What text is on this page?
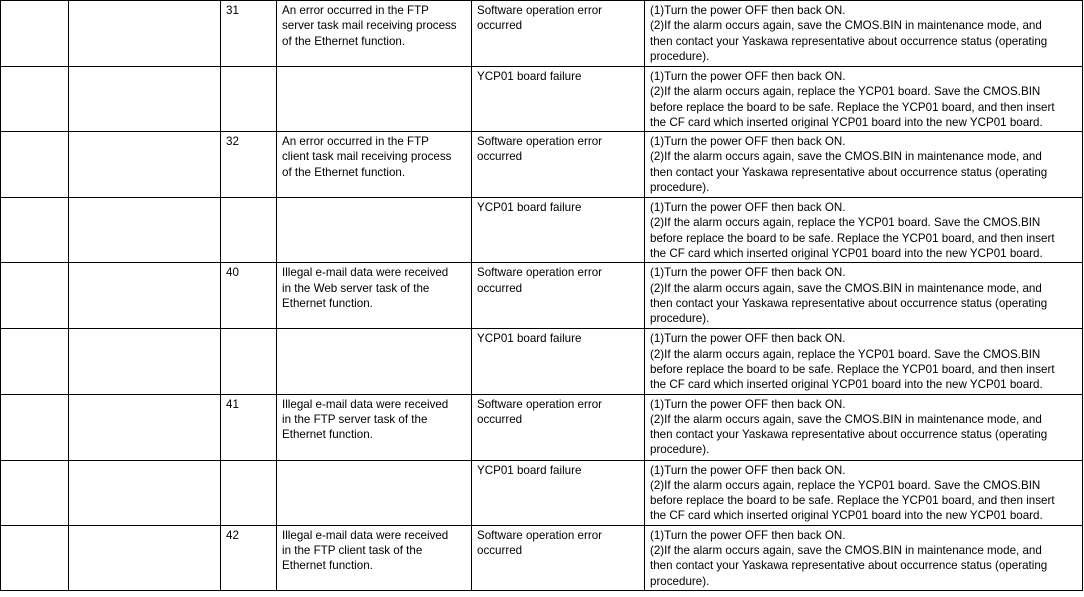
		31	An error occurred in the FTP
server task mail receiving process
of the Ethernet function.	Software operation error
occurred	(1)Turn the power OFF then back ON.
(2)If the alarm occurs again, save the CMOS.BIN in maintenance mode, and
then contact your Yaskawa representative about occurrence status (operating
procedure).

				YCP01 board failure	(1)Turn the power OFF then back ON.
(2)If the alarm occurs again, replace the YCP01 board. Save the CMOS.BIN
before replace the board to be safe. Replace the YCP01 board, and then insert
the CF card which inserted original YCP01 board into the new YCP01 board.

		32	An error occurred in the FTP
client task mail receiving process
of the Ethernet function.	Software operation error
occurred	(1)Turn the power OFF then back ON.
(2)If the alarm occurs again, save the CMOS.BIN in maintenance mode, and
then contact your Yaskawa representative about occurrence status (operating
procedure).

				YCP01 board failure	(1)Turn the power OFF then back ON.
(2)If the alarm occurs again, replace the YCP01 board. Save the CMOS.BIN
before replace the board to be safe. Replace the YCP01 board, and then insert
the CF card which inserted original YCP01 board into the new YCP01 board.

		40	Illegal e-mail data were received
in the Web server task of the
Ethernet function.	Software operation error
occurred	(1)Turn the power OFF then back ON.
(2)If the alarm occurs again, save the CMOS.BIN in maintenance mode, and
then contact your Yaskawa representative about occurrence status (operating
procedure).

				YCP01 board failure	(1)Turn the power OFF then back ON.
(2)If the alarm occurs again, replace the YCP01 board. Save the CMOS.BIN
before replace the board to be safe. Replace the YCP01 board, and then insert
the CF card which inserted original YCP01 board into the new YCP01 board.

		41	Illegal e-mail data were received
in the FTP server task of the
Ethernet function.	Software operation error
occurred	(1)Turn the power OFF then back ON.
(2)If the alarm occurs again, save the CMOS.BIN in maintenance mode, and
then contact your Yaskawa representative about occurrence status (operating
procedure).

				YCP01 board failure	(1)Turn the power OFF then back ON.
(2)If the alarm occurs again, replace the YCP01 board. Save the CMOS.BIN
before replace the board to be safe. Replace the YCP01 board, and then insert
the CF card which inserted original YCP01 board into the new YCP01 board.

		42	Illegal e-mail data were received
in the FTP client task of the
Ethernet function.	Software operation error
occurred	(1)Turn the power OFF then back ON.
(2)If the alarm occurs again, save the CMOS.BIN in maintenance mode, and
then contact your Yaskawa representative about occurrence status (operating
procedure).
